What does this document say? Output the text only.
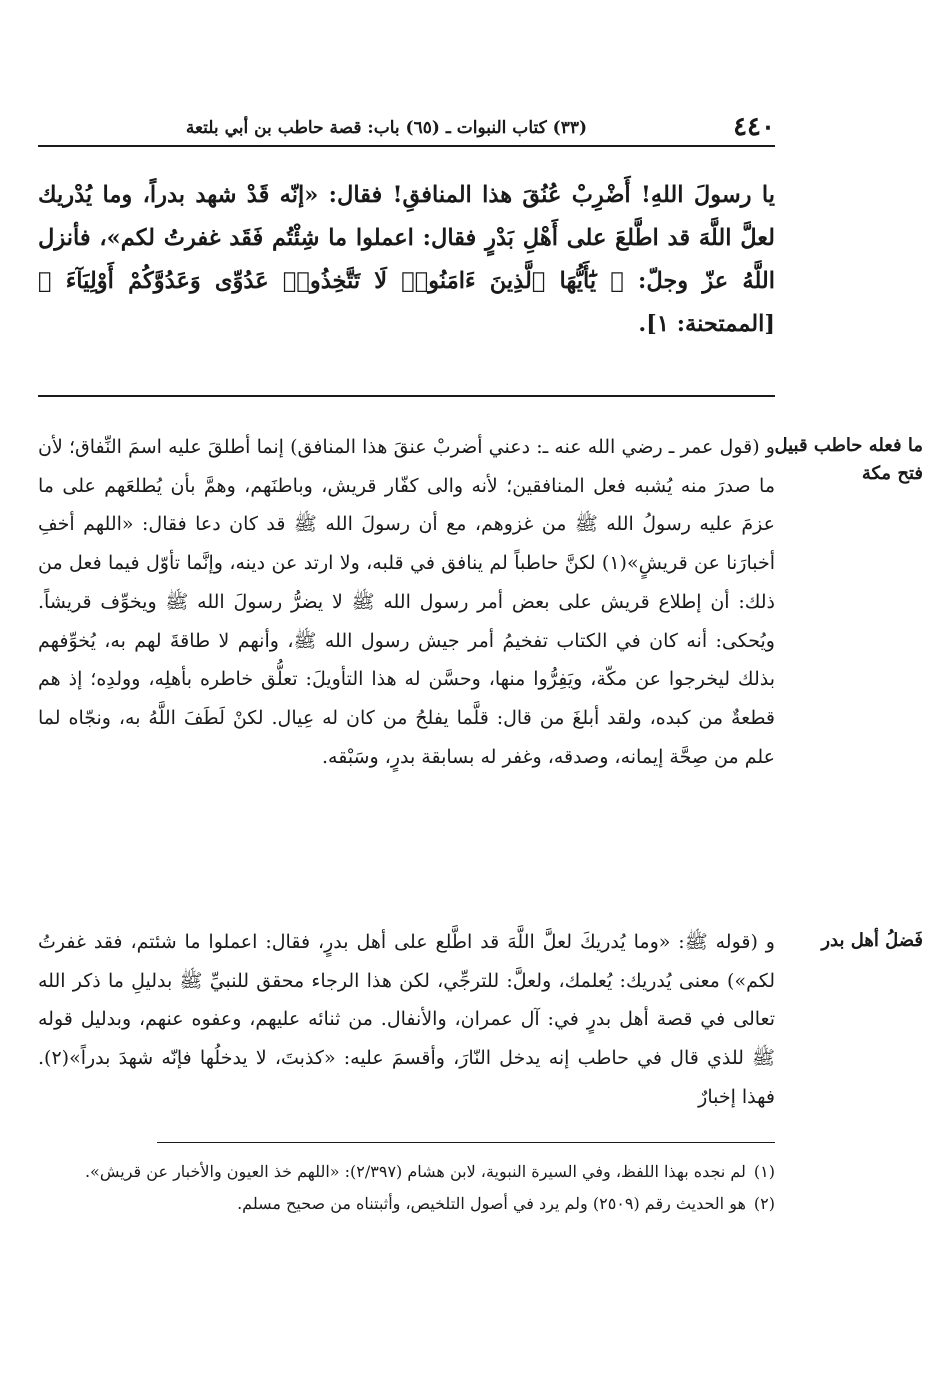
٤٤٠
(٣٣) كتاب النبوات ـ (٦٥) باب: قصة حاطب بن أبي بلتعة
يا رسولَ اللهِ! أَضْرِبْ عُنُقَ هذا المنافقِ! فقال: «إنّه قَدْ شهد بدراً، وما يُدْريك لعلَّ اللَّهَ قد اطَّلعَ على أَهْلِ بَدْرٍ فقال: اعملوا ما شِئْتُم فَقَد غفرتُ لكم»، فأنزل اللَّهُ عزّ وجلّ: ﴿ يَٰٓأَيُّهَا ٱلَّذِينَ ءَامَنُوا۟ لَا تَتَّخِذُوا۟ عَدُوِّى وَعَدُوَّكُمْ أَوْلِيَآءَ ﴾ [الممتحنة: ١].
ما فعله حاطب قبيل فتح مكة
و (قول عمر ـ رضي الله عنه ـ: دعني أضربْ عنقَ هذا المنافق) إنما أطلقَ عليه اسمَ النِّفاق؛ لأن ما صدرَ منه يُشبه فعل المنافقين؛ لأنه والى كفّار قريش، وباطنَهم، وهمَّ بأن يُطلعَهم على ما عزمَ عليه رسولُ الله ﷺ من غزوهم، مع أن رسولَ الله ﷺ قد كان دعا فقال: «اللهم أخفِ أخبارَنا عن قريشٍ»(١) لكنَّ حاطباً لم ينافق في قلبه، ولا ارتد عن دينه، وإنَّما تأوّل فيما فعل من ذلك: أن إطلاع قريش على بعض أمر رسول الله ﷺ لا يضرُّ رسولَ الله ﷺ ويخوِّف قريشاً. ويُحكى: أنه كان في الكتاب تفخيمُ أمر جيش رسول الله ﷺ، وأنهم لا طاقةَ لهم به، يُخوِّفهم بذلك ليخرجوا عن مكّة، ويَفِرُّوا منها، وحسَّن له هذا التأويلَ: تعلُّق خاطره بأهلِه، وولدِه؛ إذ هم قطعةٌ من كبده، ولقد أبلغَ من قال: قلَّما يفلحُ من كان له عِيال. لكنْ لَطَفَ اللَّهُ به، ونجّاه لما علم من صِحَّة إيمانه، وصدقه، وغفر له بسابقة بدرٍ، وسَبْقه.
فَضلُ أهل بدر
و (قوله ﷺ: «وما يُدريكَ لعلَّ اللَّهَ قد اطَّلع على أهل بدرٍ، فقال: اعملوا ما شئتم، فقد غفرتُ لكم») معنى يُدريك: يُعلمك، ولعلَّ: للترجِّي، لكن هذا الرجاء محقق للنبيِّ ﷺ بدليلِ ما ذكر الله تعالى في قصة أهل بدرٍ في: آل عمران، والأنفال. من ثنائه عليهم، وعفوه عنهم، وبدليل قوله ﷺ للذي قال في حاطب إنه يدخل النّارَ، وأقسمَ عليه: «كذبتَ، لا يدخلُها فإنّه شهدَ بدراً»(٢). فهذا إخبارٌ

(١)لم نجده بهذا اللفظ، وفي السيرة النبوية، لابن هشام (٢/٣٩٧): «اللهم خذ العيون والأخبار عن قريش».

(٢)هو الحديث رقم (٢٥٠٩) ولم يرد في أصول التلخيص، وأثبتناه من صحيح مسلم.
